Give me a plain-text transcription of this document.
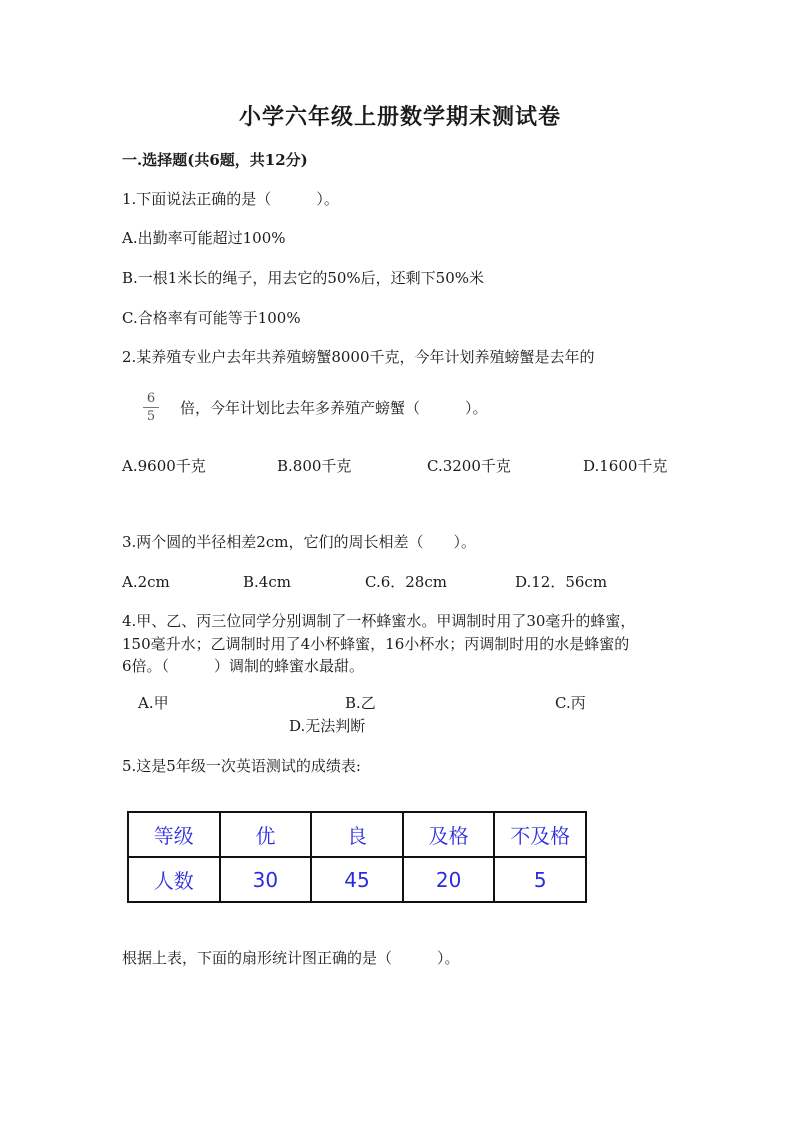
小学六年级上册数学期末测试卷
一.选择题(共6题，共12分)
1.下面说法正确的是（　　　）。
A.出勤率可能超过100%
B.一根1米长的绳子，用去它的50%后，还剩下50%米
C.合格率有可能等于100%
2.某养殖专业户去年共养殖螃蟹8000千克，今年计划养殖螃蟹是去年的
$\frac{6}{5}$ 倍，今年计划比去年多养殖产螃蟹（　　　）。
A.9600千克	B.800千克	C.3200千克	D.1600千克
3.两个圆的半径相差2cm，它们的周长相差（　　）。
A.2cm	B.4cm	C.6．28cm	D.12．56cm
4.甲、乙、丙三位同学分别调制了一杯蜂蜜水。甲调制时用了30毫升的蜂蜜，
150毫升水；乙调制时用了4小杯蜂蜜，16小杯水；丙调制时用的水是蜂蜜的
6倍。（　　　）调制的蜂蜜水最甜。
A.甲	B.乙	C.丙
D.无法判断
5.这是5年级一次英语测试的成绩表:
等级	优	良	及格	不及格
人数	30	45	20	5
根据上表，下面的扇形统计图正确的是（　　　）。
